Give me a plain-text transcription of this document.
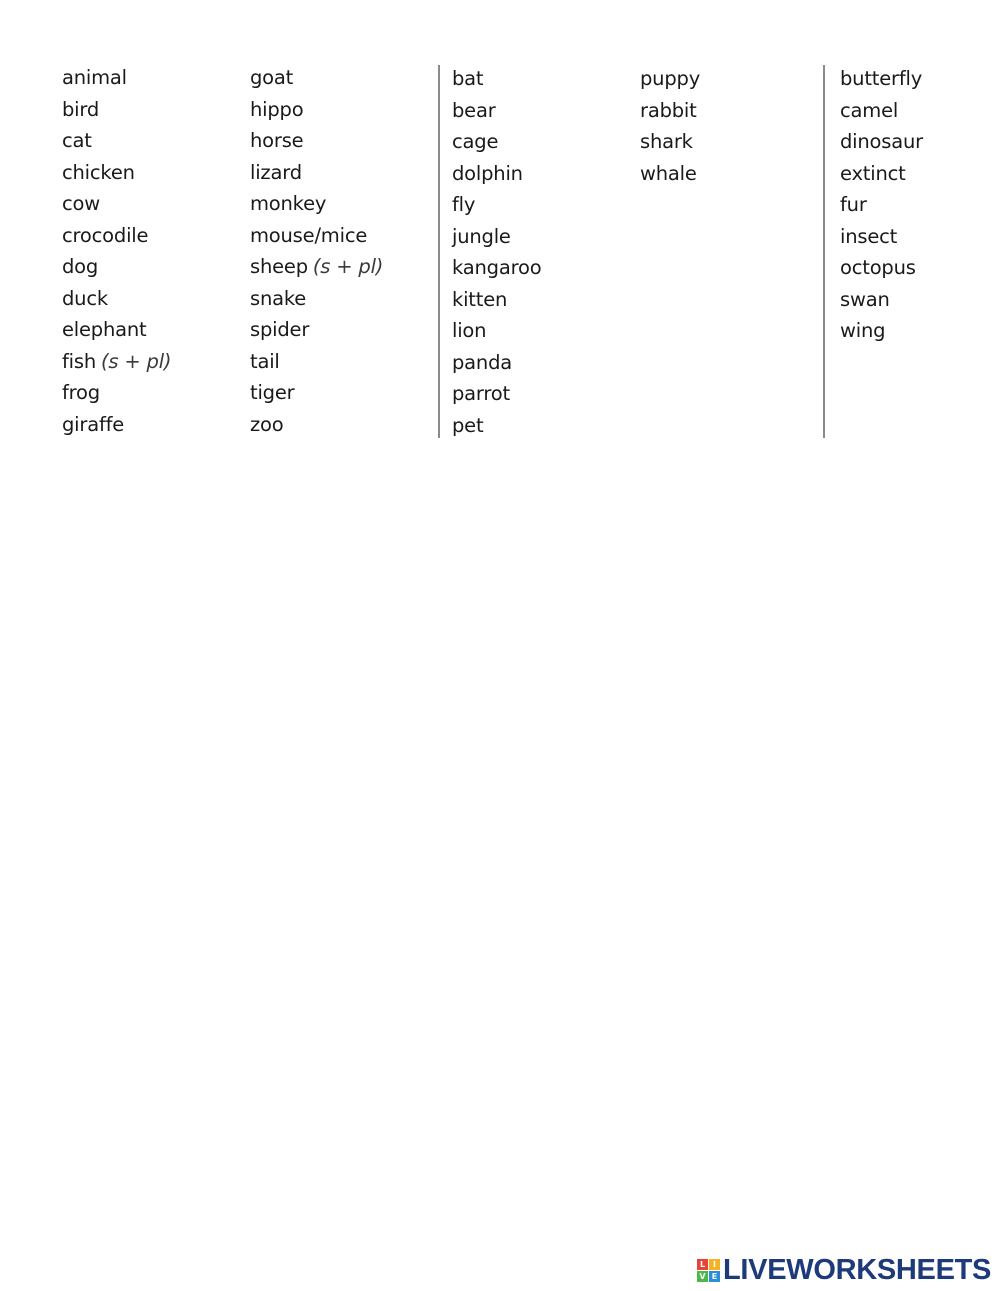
animal
bird
cat
chicken
cow
crocodile
dog
duck
elephant
fish (s + pl)
frog
giraffe
goat
hippo
horse
lizard
monkey
mouse/mice
sheep (s + pl)
snake
spider
tail
tiger
zoo
bat
bear
cage
dolphin
fly
jungle
kangaroo
kitten
lion
panda
parrot
pet
puppy
rabbit
shark
whale
butterfly
camel
dinosaur
extinct
fur
insect
octopus
swan
wing
L I
V E LIVEWORKSHEETS
